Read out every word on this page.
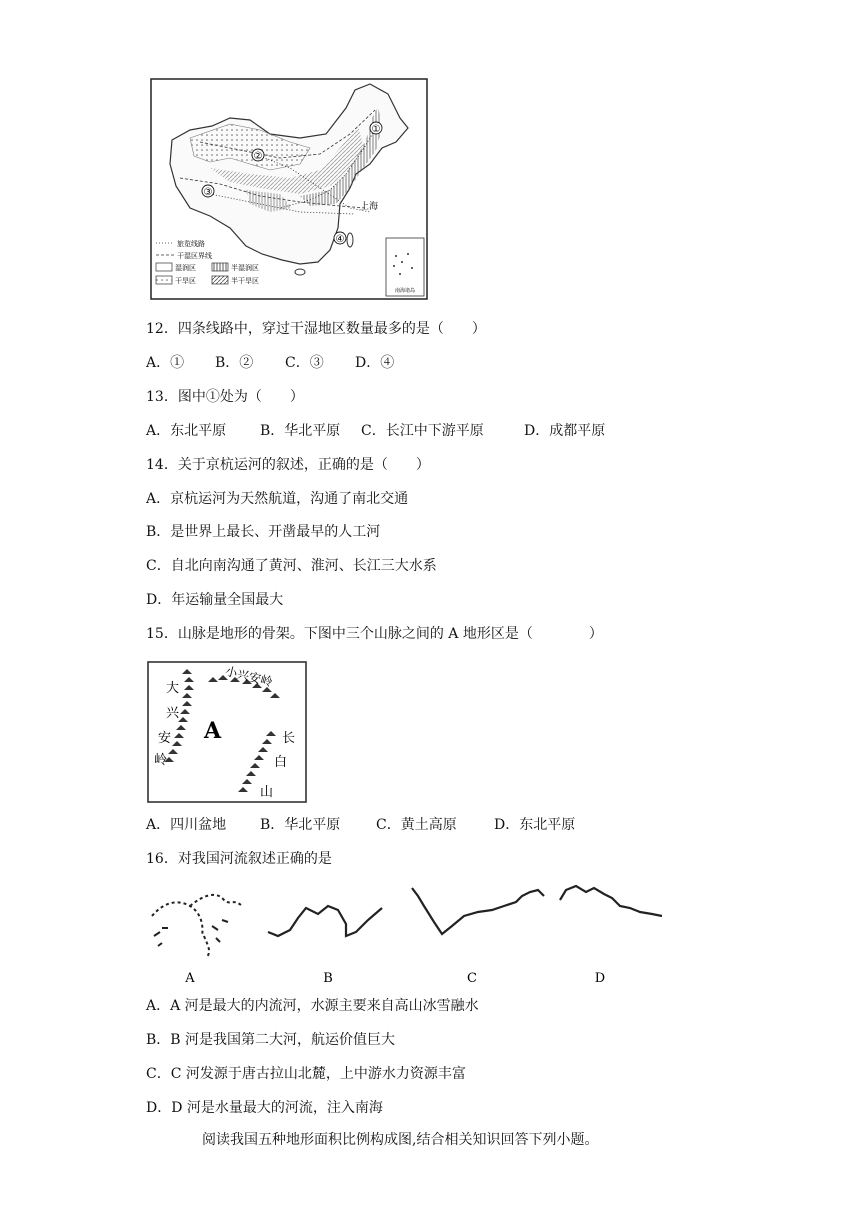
①
②
③
④
上海
旅览线路
干湿区界线
湿润区	半湿润区
干旱区	半干旱区
南海诸岛
12．四条线路中，穿过干湿地区数量最多的是（　　）
A．① B．② C．③ D．④
13．图中①处为（　　）
A．东北平原 B．华北平原 C．长江中下游平原	D．成都平原
14．关于京杭运河的叙述，正确的是（　　）
A．京杭运河为天然航道，沟通了南北交通
B．是世界上最长、开凿最早的人工河
C．自北向南沟通了黄河、淮河、长江三大水系
D．年运输量全国最大
15．山脉是地形的骨架。下图中三个山脉之间的 A 地形区是（　　　　）
大
兴
安
岭
小兴安岭
长
白
山
A
A．四川盆地 B．华北平原	C．黄土高原	D．东北平原
16．对我国河流叙述正确的是
A	B	C	D
A．A 河是最大的内流河，水源主要来自高山冰雪融水
B．B 河是我国第二大河，航运价值巨大
C．C 河发源于唐古拉山北麓，上中游水力资源丰富
D．D 河是水量最大的河流，注入南海
阅读我国五种地形面积比例构成图,结合相关知识回答下列小题。
